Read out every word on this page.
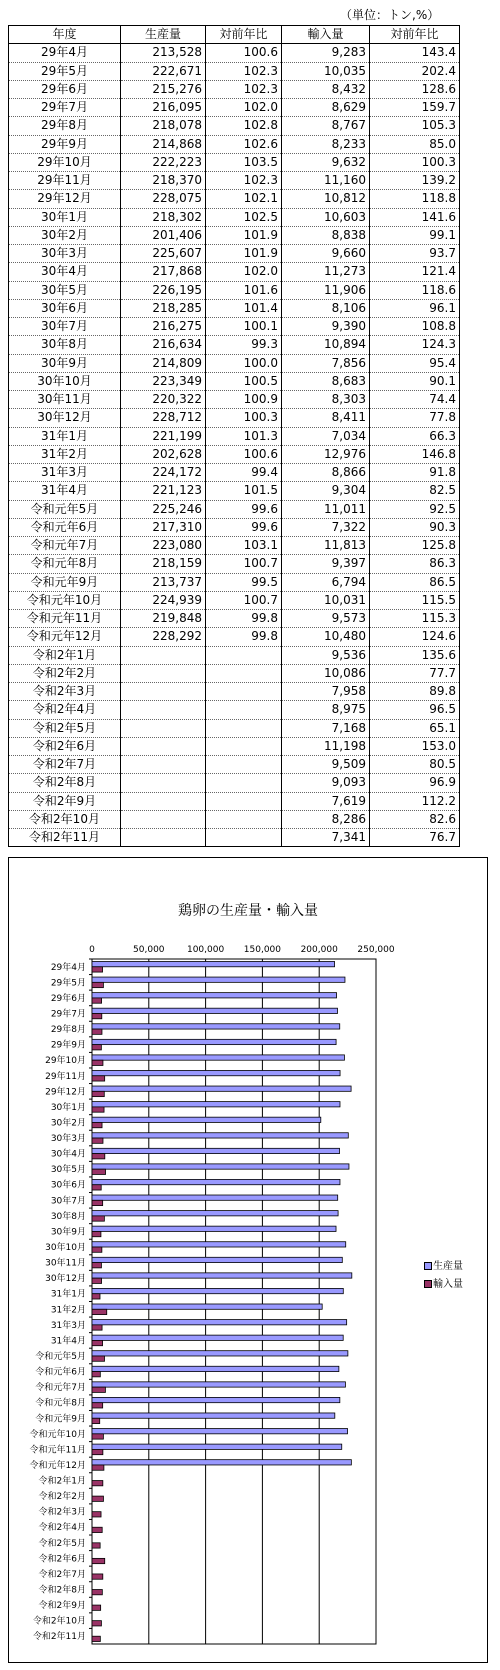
（単位：トン,%）
年度	生産量	対前年比	輸入量	対前年比
29年4月	213,528	100.6	9,283	143.4
29年5月	222,671	102.3	10,035	202.4
29年6月	215,276	102.3	8,432	128.6
29年7月	216,095	102.0	8,629	159.7
29年8月	218,078	102.8	8,767	105.3
29年9月	214,868	102.6	8,233	85.0
29年10月	222,223	103.5	9,632	100.3
29年11月	218,370	102.3	11,160	139.2
29年12月	228,075	102.1	10,812	118.8
30年1月	218,302	102.5	10,603	141.6
30年2月	201,406	101.9	8,838	99.1
30年3月	225,607	101.9	9,660	93.7
30年4月	217,868	102.0	11,273	121.4
30年5月	226,195	101.6	11,906	118.6
30年6月	218,285	101.4	8,106	96.1
30年7月	216,275	100.1	9,390	108.8
30年8月	216,634	99.3	10,894	124.3
30年9月	214,809	100.0	7,856	95.4
30年10月	223,349	100.5	8,683	90.1
30年11月	220,322	100.9	8,303	74.4
30年12月	228,712	100.3	8,411	77.8
31年1月	221,199	101.3	7,034	66.3
31年2月	202,628	100.6	12,976	146.8
31年3月	224,172	99.4	8,866	91.8
31年4月	221,123	101.5	9,304	82.5
令和元年5月	225,246	99.6	11,011	92.5
令和元年6月	217,310	99.6	7,322	90.3
令和元年7月	223,080	103.1	11,813	125.8
令和元年8月	218,159	100.7	9,397	86.3
令和元年9月	213,737	99.5	6,794	86.5
令和元年10月	224,939	100.7	10,031	115.5
令和元年11月	219,848	99.8	9,573	115.3
令和元年12月	228,292	99.8	10,480	124.6
令和2年1月			9,536	135.6
令和2年2月			10,086	77.7
令和2年3月			7,958	89.8
令和2年4月			8,975	96.5
令和2年5月			7,168	65.1
令和2年6月			11,198	153.0
令和2年7月			9,509	80.5
令和2年8月			9,093	96.9
令和2年9月			7,619	112.2
令和2年10月			8,286	82.6
令和2年11月			7,341	76.7
0	50,000 100,000 150,000 200,000 250,000
29年4月
29年5月
29年6月
29年7月
29年8月
29年9月
29年10月
29年11月
29年12月
30年1月
30年2月
30年3月
30年4月
30年5月
30年6月
30年7月
30年8月
30年9月
30年10月
30年11月
30年12月
31年1月
31年2月
31年3月
31年4月
令和元年5月
令和元年6月
令和元年7月
令和元年8月
令和元年9月
令和元年10月
令和元年11月
令和元年12月
令和2年1月
令和2年2月
令和2年3月
令和2年4月
令和2年5月
令和2年6月
令和2年7月
令和2年8月
令和2年9月
令和2年10月
令和2年11月
鶏卵の生産量・輸入量
生産量
輸入量
